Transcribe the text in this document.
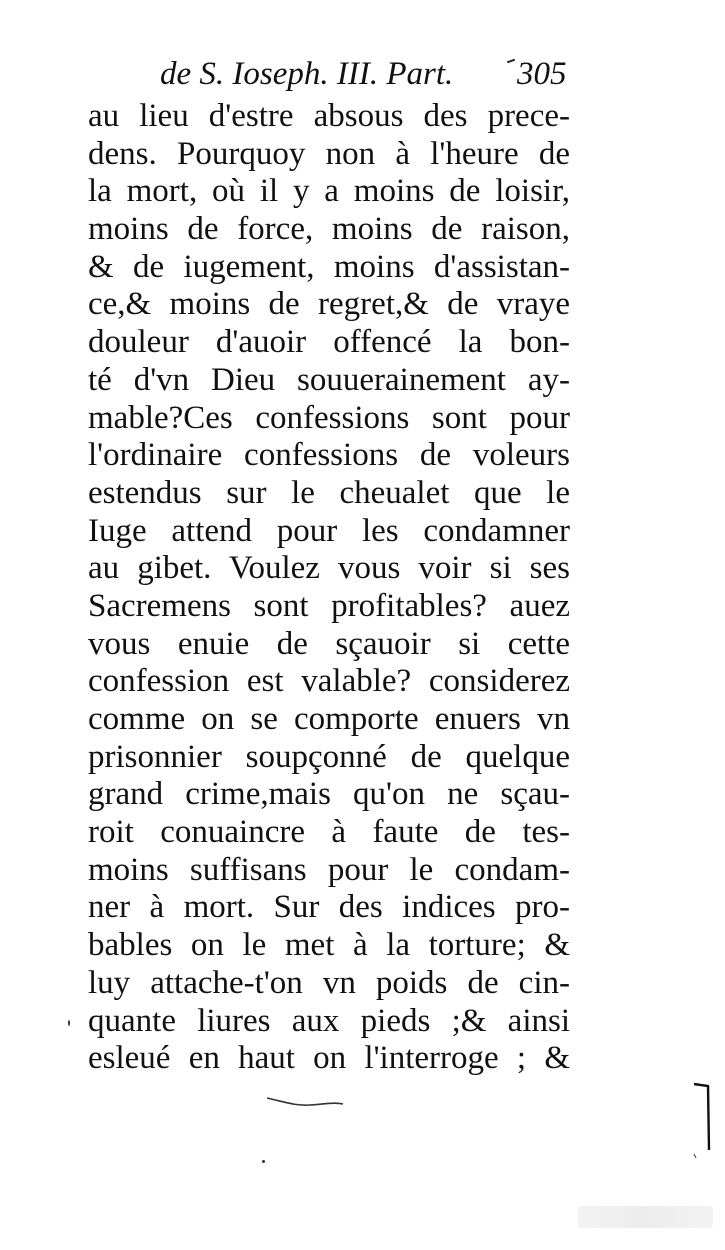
de S. Ioseph. III. Part. 305
au lieu d'estre absous des prece-
dens. Pourquoy non à l'heure de
la mort, où il y a moins de loisir,
moins de force, moins de raison,
& de iugement, moins d'assistan-
ce,& moins de regret,& de vraye
douleur d'auoir offencé la bon-
té d'vn Dieu souuerainement ay-
mable?Ces confessions sont pour
l'ordinaire confessions de voleurs
estendus sur le cheualet que le
Iuge attend pour les condamner
au gibet. Voulez vous voir si ses
Sacremens sont profitables? auez
vous enuie de sçauoir si cette
confession est valable? considerez
comme on se comporte enuers vn
prisonnier soupçonné de quelque
grand crime,mais qu'on ne sçau-
roit conuaincre à faute de tes-
moins suffisans pour le condam-
ner à mort. Sur des indices pro-
bables on le met à la torture; &
luy attache-t'on vn poids de cin-
quante liures aux pieds ;& ainsi
esleué en haut on l'interroge ; &
